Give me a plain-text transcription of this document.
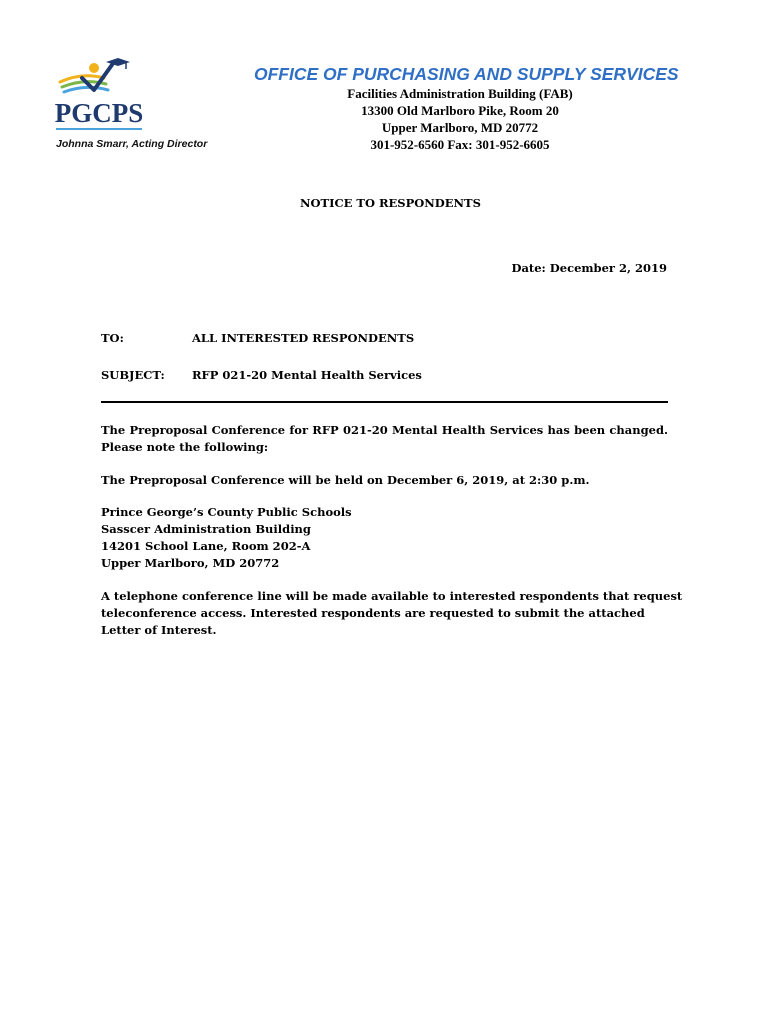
PGCPS
Johnna Smarr, Acting Director
OFFICE OF PURCHASING AND SUPPLY SERVICES
Facilities Administration Building (FAB)
13300 Old Marlboro Pike, Room 20
Upper Marlboro, MD 20772
301-952-6560 Fax: 301-952-6605
NOTICE TO RESPONDENTS
Date: December 2, 2019
TO:	ALL INTERESTED RESPONDENTS
SUBJECT: RFP 021-20 Mental Health Services
The Preproposal Conference for RFP 021-20 Mental Health Services has been changed. Please note the following:
The Preproposal Conference will be held on December 6, 2019, at 2:30 p.m.
Prince George’s County Public Schools
Sasscer Administration Building
14201 School Lane, Room 202-A
Upper Marlboro, MD 20772
A telephone conference line will be made available to interested respondents that request
teleconference access. Interested respondents are requested to submit the attached
Letter of Interest.
